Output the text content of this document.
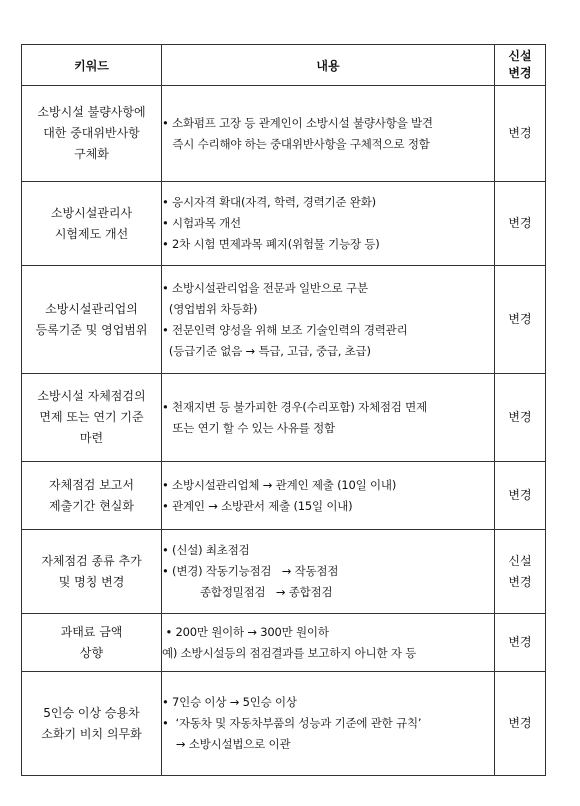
키워드	내용	신설
변경

소방시설 불량사항에
대한 중대위반사항
구체화	• 소화펌프 고장 등 관계인이 소방시설 불량사항을 발견
즉시 수리해야 하는 중대위반사항을 구체적으로 정함	변경

소방시설관리사
시험제도 개선	• 응시자격 확대(자격, 학력, 경력기준 완화)
• 시험과목 개선
• 2차 시험 면제과목 폐지(위험물 기능장 등)	변경

소방시설관리업의
등록기준 및 영업범위	• 소방시설관리업을 전문과 일반으로 구분
(영업범위 차등화)
• 전문인력 양성을 위해 보조 기술인력의 경력관리
(등급기준 없음 → 특급, 고급, 중급, 초급)	변경

소방시설 자체점검의
면제 또는 연기 기준
마련	• 천재지변 등 불가피한 경우(수리포함) 자체점검 면제
또는 연기 할 수 있는 사유를 정함	변경

자체점검 보고서
제출기간 현실화	• 소방시설관리업체 → 관계인 제출 (10일 이내)
• 관계인 → 소방관서 제출 (15일 이내)	변경

자체점검 종류 추가
및 명칭 변경	• (신설) 최초점검
• (변경) 작동기능점검   → 작동점점
종합정밀점검   → 종합점검	신설
변경

과태료 금액
상향	• 200만 원이하 → 300만 원이하
예) 소방시설등의 점검결과를 보고하지 아니한 자 등	변경

5인승 이상 승용차
소화기 비치 의무화	• 7인승 이상 → 5인승 이상
•  ‘자동차 및 자동차부품의 성능과 기준에 관한 규칙’
→ 소방시설법으로 이관	변경
